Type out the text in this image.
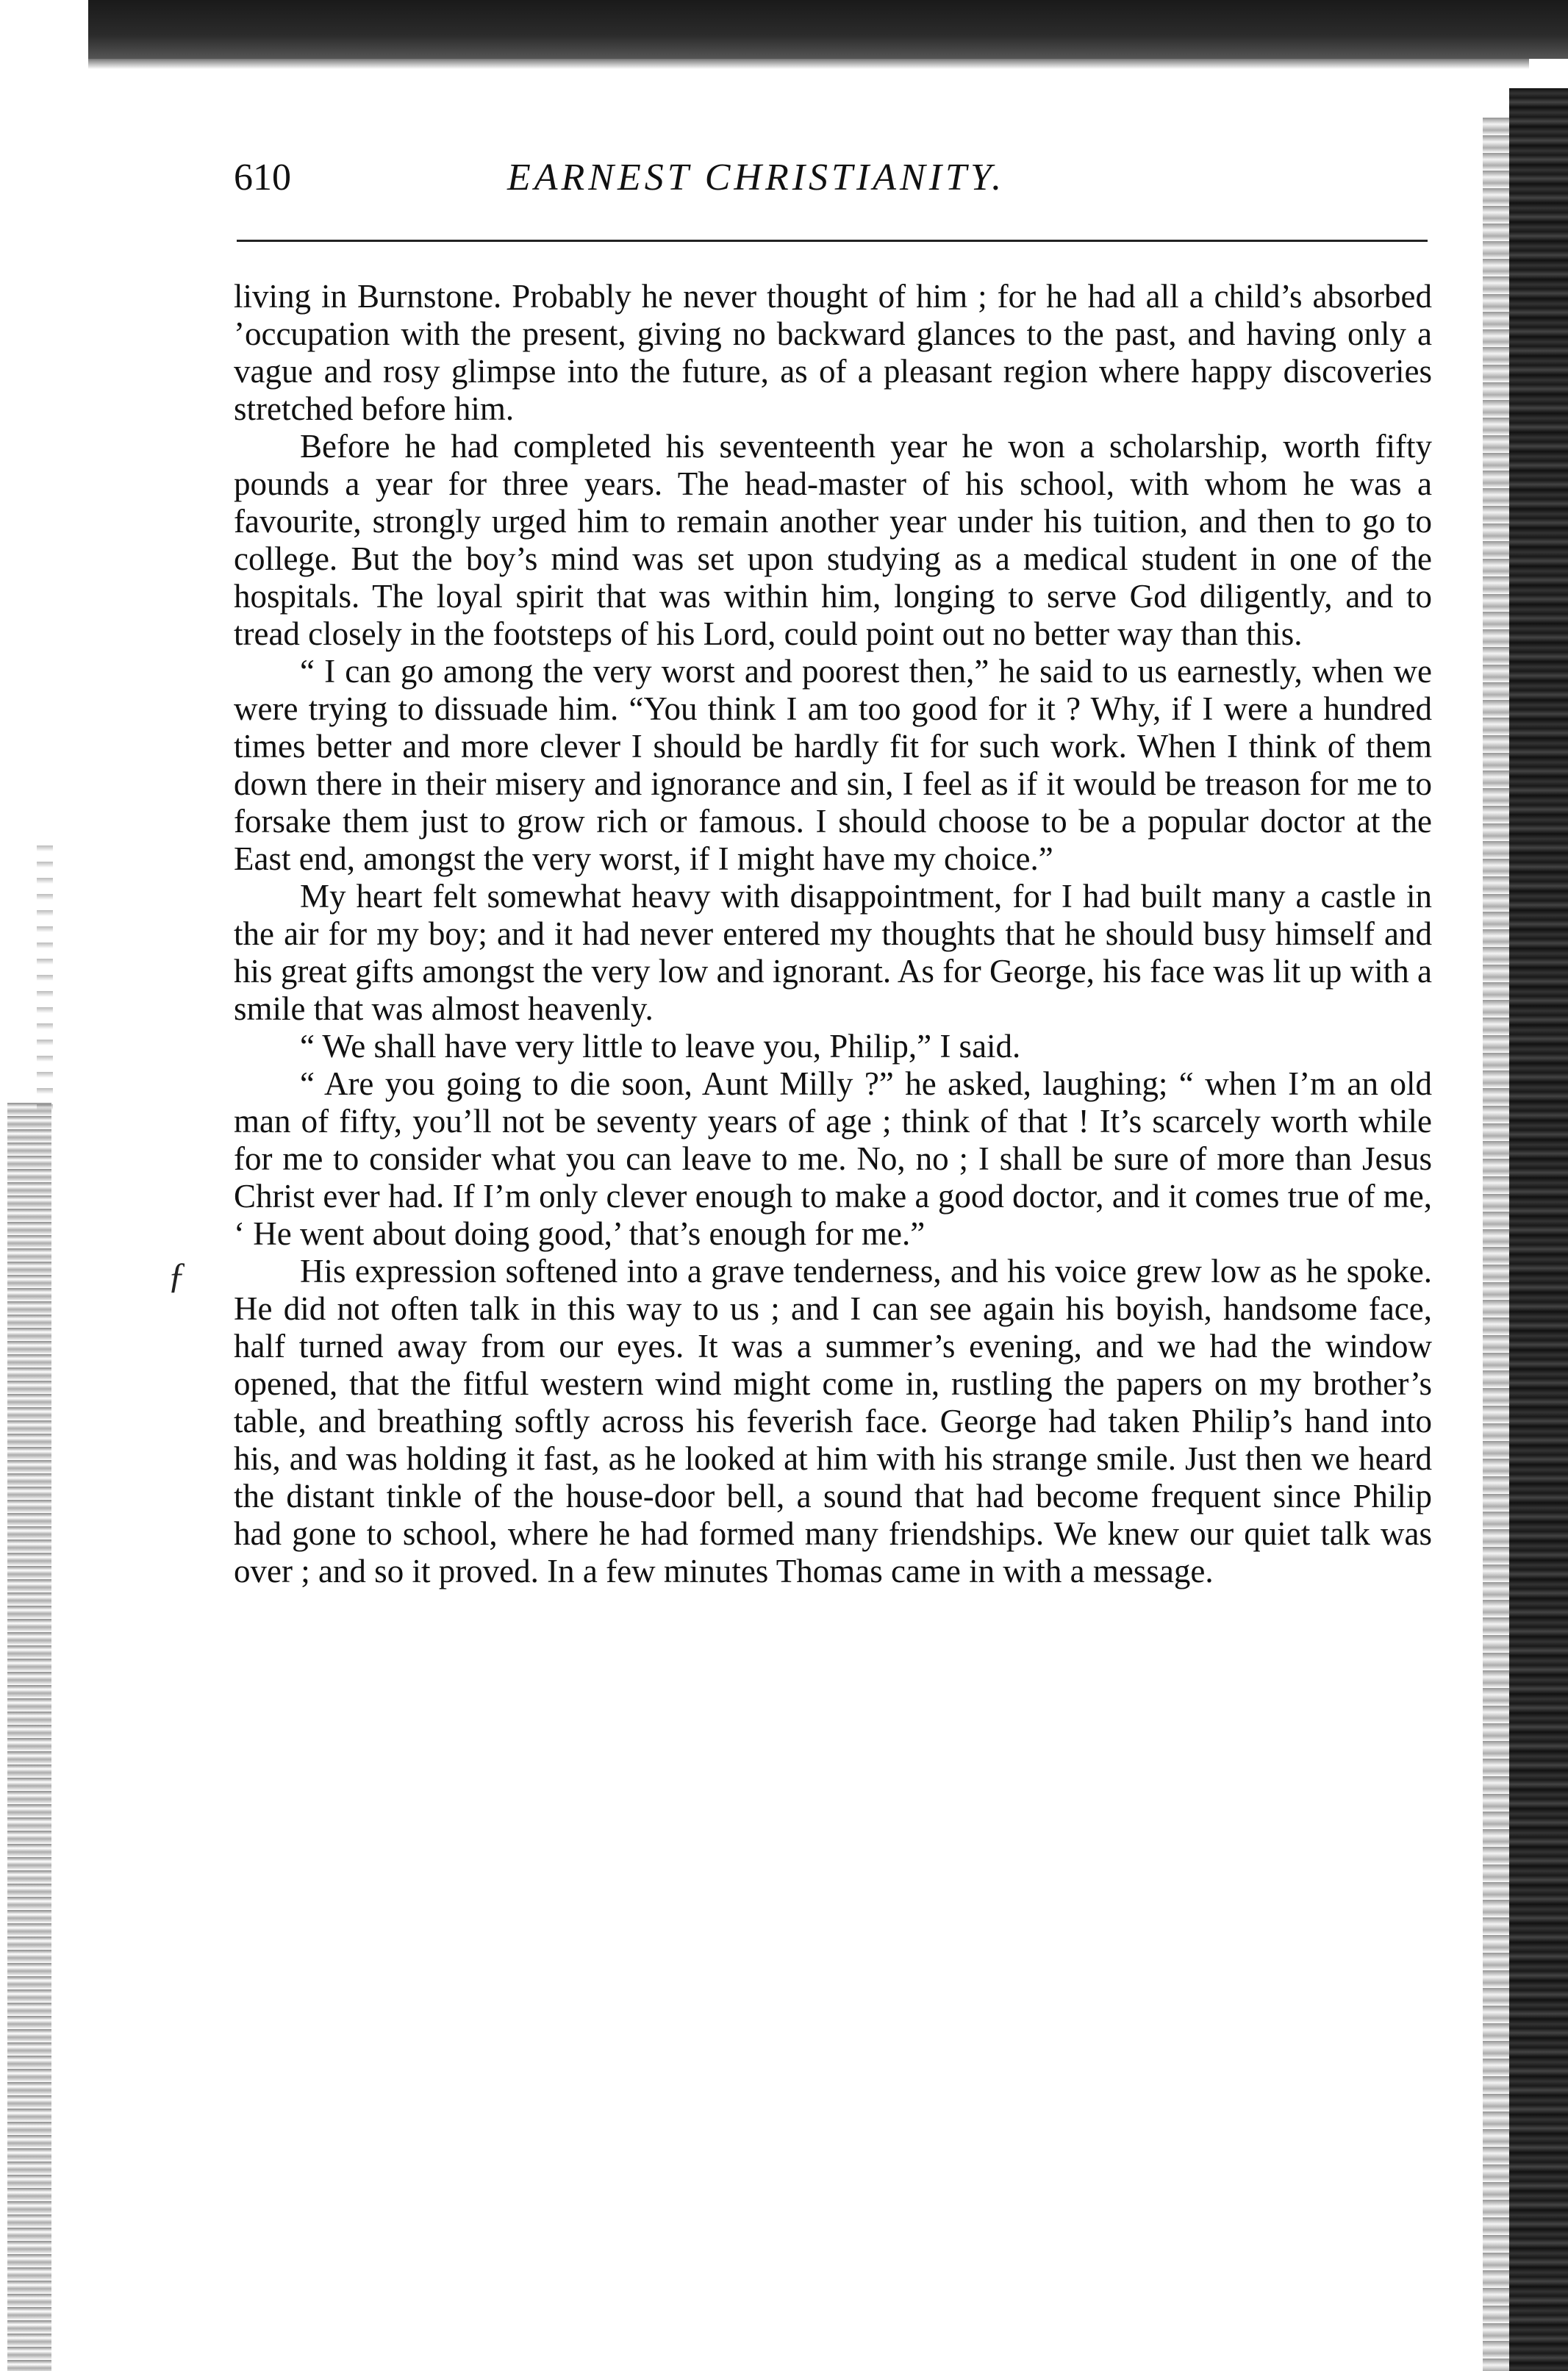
610	EARNEST CHRISTIANITY.
ƒ

living in Burnstone. Probably he never thought of him ; for he had all a child’s absorbed ’occupation with the present, giving no backward glances to the past, and having only a vague and rosy glimpse into the future, as of a pleasant region where happy discoveries stretched before him.

Before he had completed his seventeenth year he won a scholarship, worth fifty pounds a year for three years. The head-master of his school, with whom he was a favourite, strongly urged him to remain another year under his tuition, and then to go to college. But the boy’s mind was set upon studying as a medical student in one of the hospitals. The loyal spirit that was within him, longing to serve God diligently, and to tread closely in the footsteps of his Lord, could point out no better way than this.

“ I can go among the very worst and poorest then,” he said to us earnestly, when we were trying to dissuade him. “You think I am too good for it ? Why, if I were a hundred times better and more clever I should be hardly fit for such work. When I think of them down there in their misery and ignorance and sin, I feel as if it would be treason for me to forsake them just to grow rich or famous. I should choose to be a popular doctor at the East end, amongst the very worst, if I might have my choice.”

My heart felt somewhat heavy with disappointment, for I had built many a castle in the air for my boy; and it had never entered my thoughts that he should busy himself and his great gifts amongst the very low and ignorant. As for George, his face was lit up with a smile that was almost heavenly.

“ We shall have very little to leave you, Philip,” I said.

“ Are you going to die soon, Aunt Milly ?” he asked, laughing; “ when I’m an old man of fifty, you’ll not be seventy years of age ; think of that ! It’s scarcely worth while for me to consider what you can leave to me. No, no ; I shall be sure of more than Jesus Christ ever had. If I’m only clever enough to make a good doctor, and it comes true of me, ‘ He went about doing good,’ that’s enough for me.”

His expression softened into a grave tenderness, and his voice grew low as he spoke. He did not often talk in this way to us ; and I can see again his boyish, handsome face, half turned away from our eyes. It was a summer’s evening, and we had the window opened, that the fitful western wind might come in, rustling the papers on my brother’s table, and breathing softly across his feverish face. George had taken Philip’s hand into his, and was holding it fast, as he looked at him with his strange smile. Just then we heard the distant tinkle of the house-door bell, a sound that had become frequent since Philip had gone to school, where he had formed many friendships. We knew our quiet talk was over ; and so it proved. In a few minutes Thomas came in with a message.
